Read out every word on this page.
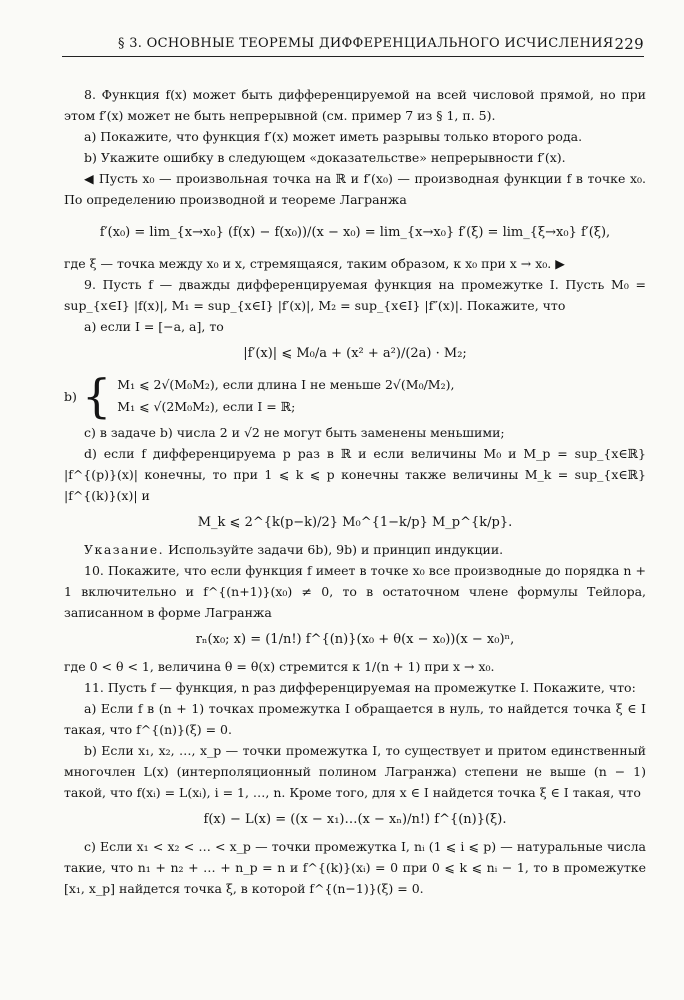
§ 3. ОСНОВНЫЕ ТЕОРЕМЫ ДИФФЕРЕНЦИАЛЬНОГО ИСЧИСЛЕНИЯ 229

8. Функция f(x) может быть дифференцируемой на всей числовой прямой, но при этом f′(x) может не быть непрерывной (см. пример 7 из § 1, п. 5).

a) Покажите, что функция f′(x) может иметь разрывы только второго рода.

b) Укажите ошибку в следующем «доказательстве» непрерывности f′(x).

◀ Пусть x₀ — произвольная точка на ℝ и f′(x₀) — производная функции f в точке x₀. По определению производной и теореме Лагранжа

f′(x₀) = lim_{x→x₀} (f(x) − f(x₀))/(x − x₀) = lim_{x→x₀} f′(ξ) = lim_{ξ→x₀} f′(ξ),

где ξ — точка между x₀ и x, стремящаяся, таким образом, к x₀ при x → x₀. ▶

9. Пусть f — дважды дифференцируемая функция на промежутке I. Пусть M₀ = sup_{x∈I} |f(x)|, M₁ = sup_{x∈I} |f′(x)|, M₂ = sup_{x∈I} |f″(x)|. Покажите, что

a) если I = [−a, a], то

|f′(x)| ⩽ M₀/a + (x² + a²)/(2a) · M₂;

b) { M₁ ⩽ 2√(M₀M₂), если длина I не меньше 2√(M₀/M₂),
M₁ ⩽ √(2M₀M₂), если I = ℝ;

c) в задаче b) числа 2 и √2 не могут быть заменены меньшими;

d) если f дифференцируема p раз в ℝ и если величины M₀ и M_p = sup_{x∈ℝ} |f^{(p)}(x)| конечны, то при 1 ⩽ k ⩽ p конечны также величины M_k = sup_{x∈ℝ} |f^{(k)}(x)| и

M_k ⩽ 2^{k(p−k)/2} M₀^{1−k/p} M_p^{k/p}.

Указание. Используйте задачи 6b), 9b) и принцип индукции.

10. Покажите, что если функция f имеет в точке x₀ все производные до порядка n + 1 включительно и f^{(n+1)}(x₀) ≠ 0, то в остаточном члене формулы Тейлора, записанном в форме Лагранжа

rₙ(x₀; x) = (1/n!) f^{(n)}(x₀ + θ(x − x₀))(x − x₀)ⁿ,

где 0 < θ < 1, величина θ = θ(x) стремится к 1/(n + 1) при x → x₀.

11. Пусть f — функция, n раз дифференцируемая на промежутке I. Покажите, что:

a) Если f в (n + 1) точках промежутка I обращается в нуль, то найдется точка ξ ∈ I такая, что f^{(n)}(ξ) = 0.

b) Если x₁, x₂, …, x_p — точки промежутка I, то существует и притом единственный многочлен L(x) (интерполяционный полином Лагранжа) степени не выше (n − 1) такой, что f(xᵢ) = L(xᵢ), i = 1, …, n. Кроме того, для x ∈ I найдется точка ξ ∈ I такая, что

f(x) − L(x) = ((x − x₁)…(x − xₙ)/n!) f^{(n)}(ξ).

c) Если x₁ < x₂ < … < x_p — точки промежутка I, nᵢ (1 ⩽ i ⩽ p) — натуральные числа такие, что n₁ + n₂ + … + n_p = n и f^{(k)}(xᵢ) = 0 при 0 ⩽ k ⩽ nᵢ − 1, то в промежутке [x₁, x_p] найдется точка ξ, в которой f^{(n−1)}(ξ) = 0.
